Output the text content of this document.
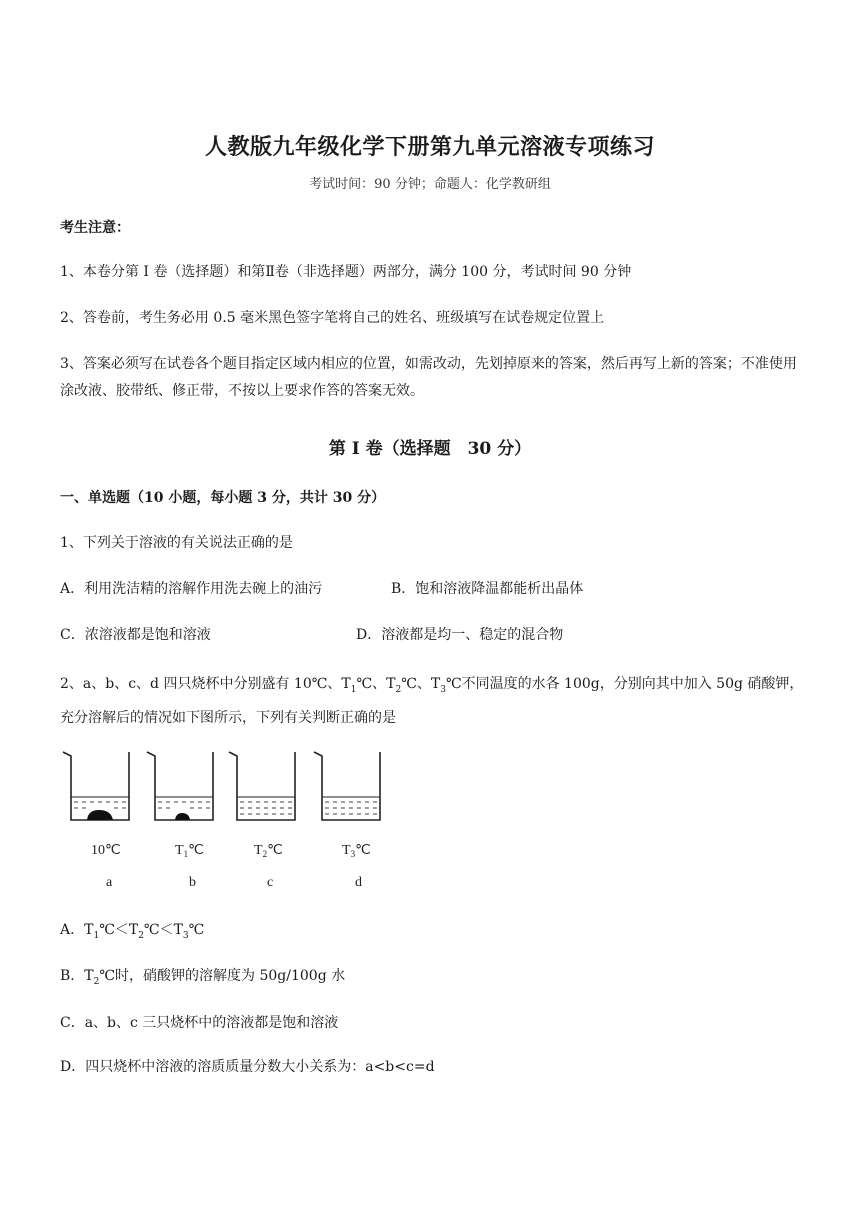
人教版九年级化学下册第九单元溶液专项练习
考试时间：90 分钟；命题人：化学教研组
考生注意：
1、本卷分第 I 卷（选择题）和第Ⅱ卷（非选择题）两部分，满分 100 分，考试时间 90 分钟
2、答卷前，考生务必用 0.5 毫米黑色签字笔将自己的姓名、班级填写在试卷规定位置上
3、答案必须写在试卷各个题目指定区域内相应的位置，如需改动，先划掉原来的答案，然后再写上新的答案；不准使用涂改液、胶带纸、修正带，不按以上要求作答的答案无效。
第 I 卷（选择题　30 分）
一、单选题（10 小题，每小题 3 分，共计 30 分）
1、下列关于溶液的有关说法正确的是
A．利用洗洁精的溶解作用洗去碗上的油污	B．饱和溶液降温都能析出晶体
C．浓溶液都是饱和溶液	D．溶液都是均一、稳定的混合物
2、a、b、c、d 四只烧杯中分别盛有 10℃、$T_1℃$、$T_2℃$、$T_3℃$不同温度的水各 100g，分别向其中加入 50g 硝酸钾，充分溶解后的情况如下图所示，下列有关判断正确的是
10℃	$T_1℃$	$T_2℃$	$T_3℃$
a	b	c	d
A．$T_1℃<T_2℃<T_3℃$
B．$T_2℃$时，硝酸钾的溶解度为 50g/100g 水
C．a、b、c 三只烧杯中的溶液都是饱和溶液
D．四只烧杯中溶液的溶质质量分数大小关系为：a<b<c=d
